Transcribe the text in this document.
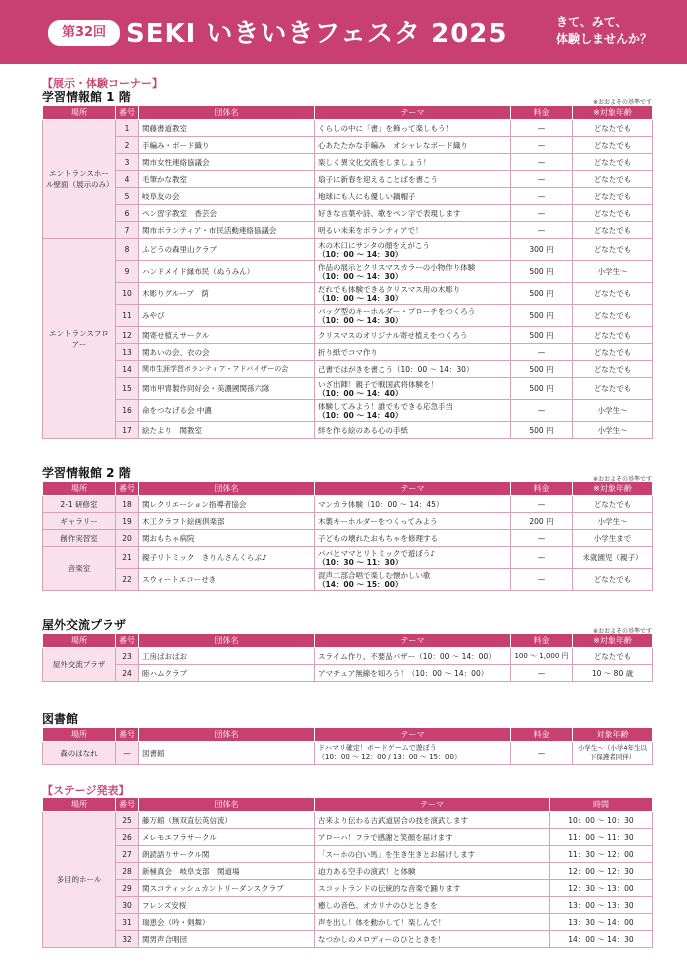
第32回 SEKI いきいきフェスタ 2025	きて、みて、
体験しませんか？
【展示・体験コーナー】
学習情報館 1 階	※おおよその基準です
場所	番号	団体名	テーマ	料金	※対象年齢
エントランスホール壁面（展示のみ）	1	関藤書道教室	くらしの中に「書」を飾って楽しもう！	—	どなたでも
	2	手編み・ボード織り	心あたたかな手編み　オシャレなボード織り	—	どなたでも
	3	関市女性連絡協議会	楽しく異文化交流をしましょう！	—	どなたでも
	4	毛筆かな教室	扇子に新春を迎えることばを書こう	—	どなたでも
	5	岐阜友の会	地球にも人にも優しい鍋帽子	—	どなたでも
	6	ペン習字教室　香芸会	好きな言葉や詩、歌をペン字で表現します	—	どなたでも
	7	関市ボランティア・市民活動連絡協議会	明るい未来をボランティアで！	—	どなたでも
エントランスフロアー	8	ふどうの森里山クラブ	木の木口にサンタの顔をえがこう
（10：00 ～ 14：30）	300 円	どなたでも
	9	ハンドメイド縁布民（ぬうみん）	作品の展示とクリスマスカラーの小物作り体験
（10：00 ～ 14：30）	500 円	小学生～
	10	木彫りグループ　荫	だれでも体験できるクリスマス用の木彫り
（10：00 ～ 14：30）	500 円	どなたでも
	11	みやび	バッグ型のキーホルダー・ブローチをつくろう
（10：00 ～ 14：30）	500 円	どなたでも
	12	関寄せ植えサークル	クリスマスのオリジナル寄せ植えをつくろう	500 円	どなたでも
	13	関あいの会、衣の会	折り紙でコマ作り	—	どなたでも
	14	関市生涯学習ボランティア・アドバイザーの会	己書ではがきを書こう（10：00 ～ 14：30）	500 円	どなたでも
	15	関市甲冑製作同好会・美濃國関孫六隊	いざ出陣！親子で戦国武将体験を！
（10：00 ～ 14：40）	500 円	どなたでも
	16	命をつなげる会 中濃	体験してみよう！誰でもできる応急手当
（10：00 ～ 14：40）	—	小学生～
	17	絵たより　関教室	絆を作る絵のある心の手紙	500 円	小学生～
学習情報館 2 階	※おおよその基準です
場所	番号	団体名	テーマ	料金	※対象年齢
2-1 研修室	18	関レクリエーション指導者協会	マンカラ体験（10：00 ～ 14：45）	—	どなたでも
ギャラリー	19	木工クラフト絵画倶楽部	木製キーホルダーをつくってみよう	200 円	小学生～
創作実習室	20	関おもちゃ病院	子どもの壊れたおもちゃを修理する	—	小学生まで
音楽室	21	親子リトミック　きりんさんくらぶ♪	パパとママとリトミックで遊ぼう♪
（10：30 ～ 11：30）	—	未就園児（親子）
	22	スウィートエコーせき	混声二部合唱で楽しむ懐かしい歌
（14：00 ～ 15：00）	—	どなたでも
屋外交流プラザ	※おおよその基準です
場所	番号	団体名	テーマ	料金	※対象年齢
屋外交流プラザ	23	工房ぱおぱお	スライム作り、不要品バザー（10：00 ～ 14：00）	100 ～ 1,000 円	どなたでも
	24	睦ハムクラブ	アマチュア無線を知ろう！（10：00 ～ 14：00）	—	10 ～ 80 歳
図書館
場所	番号	団体名	テーマ	料金	対象年齢
森のはなれ	—	図書館	ドハマリ確定！ボードゲームで遊ぼう
（10：00 ～ 12：00 / 13：00 ～ 15：00）	—	小学生～（小学4年生以下保護者同伴）
【ステージ発表】
場所	番号	団体名	テーマ	時間
多目的ホール	25	藤万館（無双直伝英信流）	古来より伝わる古武道居合の技を演武します	10：00 ～ 10：30
	26	メレモエフラサークル	アローハ！フラで感謝と笑顔を届けます	11：00 ～ 11：30
	27	朗読語りサークル関	「スーホの白い馬」を生き生きとお届けします	11：30 ～ 12：00
	28	新極真会　岐阜支部　関道場	迫力ある空手の演武！と体験	12：00 ～ 12：30
	29	関スコティッシュカントリーダンスクラブ	スコットランドの伝統的な音楽で踊ります	12：30 ～ 13：00
	30	フレンズ安桜	癒しの音色、オカリナのひとときを	13：00 ～ 13：30
	31	瑞恵会（吟・剣舞）	声を出し！体を動かして！楽しんで！	13：30 ～ 14：00
	32	関男声合唱団	なつかしのメロディーのひとときを！	14：00 ～ 14：30
